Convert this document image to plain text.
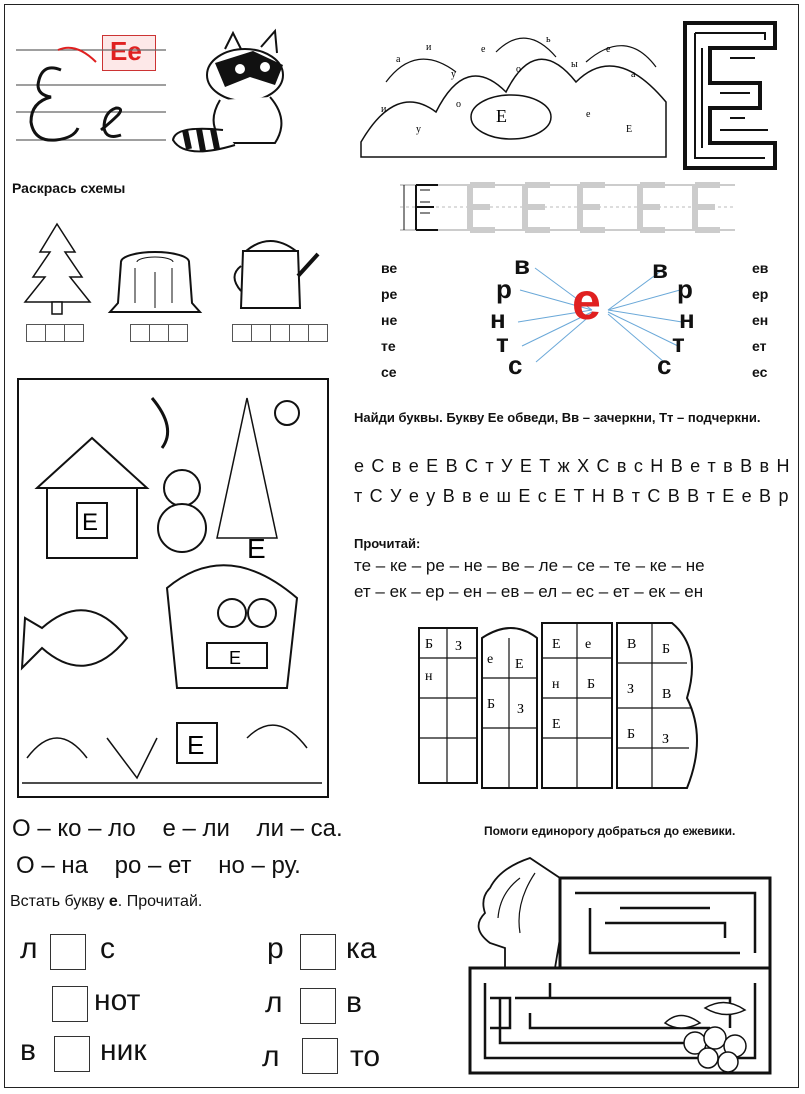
Ee	а
и
у
е
о
ь
ы
е
а
и
у
о
Е	е
Е
Раскрась схемы
ве
ре
не
те
се
ев
ер
ен
ет
ес
е
в
р
н
т
с
в
р
н
т
с
Е
Е
Е
Е
Найди буквы. Букву Ее обведи, Вв – зачеркни, Тт – подчеркни.
е С в е Е В С т У Е Т ж Х С в с Н В е т в В в Н
т С У е у В в е ш Е с Е Т Н В т С В В т Е е В р
Прочитай:
те – ке – ре – не – ве – ле – се – те – ке – не
ет – ек – ер – ен – ев – ел – ес – ет – ек – ен
Б З
н
е Е
Б З
Е е
н Б
Е
В Б
З В
Б З
О – ко – ло    е – ли    ли – са.
О – на    ро – ет    но – ру.
Встать букву е. Прочитай.
л с
нот
в ник
р ка
л в
л то
Помоги единорогу добраться до ежевики.
